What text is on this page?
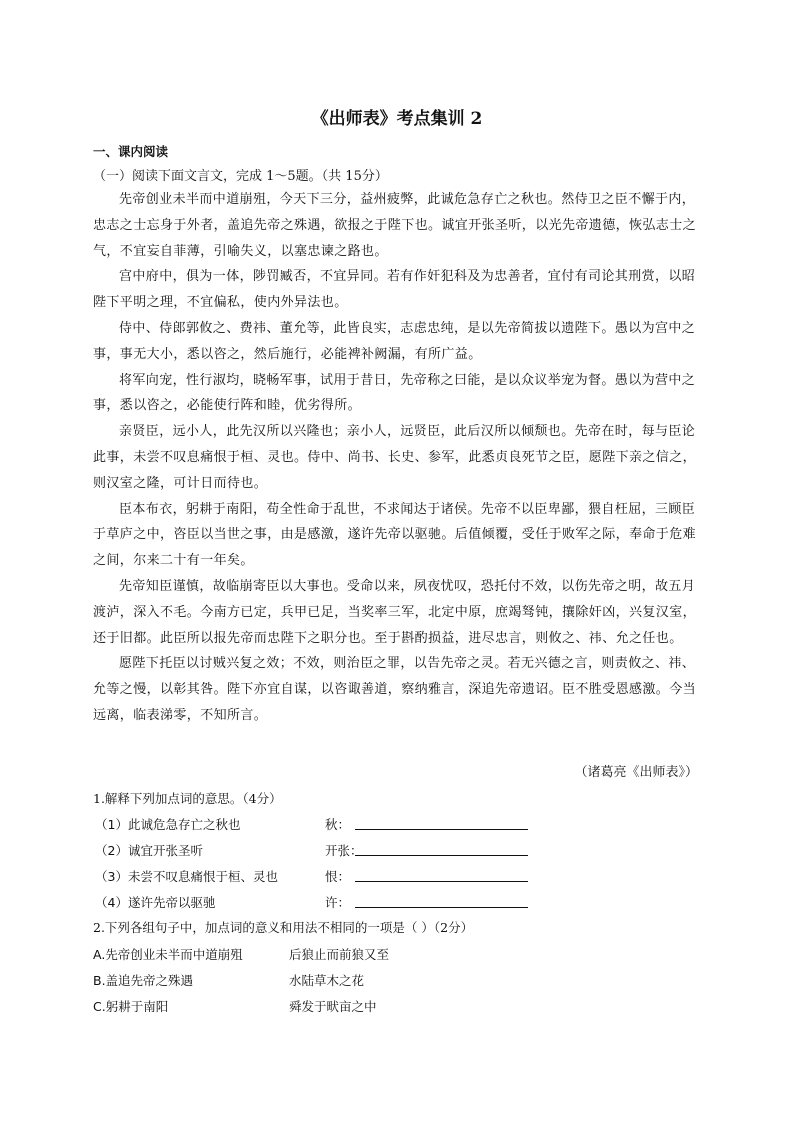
《出师表》考点集训 2
一、课内阅读
（一）阅读下面文言文，完成 1～5题。（共 15分）

先帝创业未半而中道崩殂，今天下三分，益州疲弊，此诚危急存亡之秋也。然侍卫之臣不懈于内，忠志之士忘身于外者，盖追先帝之殊遇，欲报之于陛下也。诚宜开张圣听，以光先帝遗德，恢弘志士之气，不宜妄自菲薄，引喻失义，以塞忠谏之路也。

宫中府中，俱为一体，陟罚臧否，不宜异同。若有作奸犯科及为忠善者，宜付有司论其刑赏，以昭陛下平明之理，不宜偏私，使内外异法也。

侍中、侍郎郭攸之、费祎、董允等，此皆良实，志虑忠纯，是以先帝简拔以遗陛下。愚以为宫中之事，事无大小，悉以咨之，然后施行，必能裨补阙漏，有所广益。

将军向宠，性行淑均，晓畅军事，试用于昔日，先帝称之曰能，是以众议举宠为督。愚以为营中之事，悉以咨之，必能使行阵和睦，优劣得所。

亲贤臣，远小人，此先汉所以兴隆也；亲小人，远贤臣，此后汉所以倾颓也。先帝在时，每与臣论此事，未尝不叹息痛恨于桓、灵也。侍中、尚书、长史、参军，此悉贞良死节之臣，愿陛下亲之信之，则汉室之隆，可计日而待也。

臣本布衣，躬耕于南阳，苟全性命于乱世，不求闻达于诸侯。先帝不以臣卑鄙，猥自枉屈，三顾臣于草庐之中，咨臣以当世之事，由是感激，遂许先帝以驱驰。后值倾覆，受任于败军之际，奉命于危难之间，尔来二十有一年矣。

先帝知臣谨慎，故临崩寄臣以大事也。受命以来，夙夜忧叹，恐托付不效，以伤先帝之明，故五月渡泸，深入不毛。今南方已定，兵甲已足，当奖率三军，北定中原，庶竭驽钝，攘除奸凶，兴复汉室，还于旧都。此臣所以报先帝而忠陛下之职分也。至于斟酌损益，进尽忠言，则攸之、祎、允之任也。

愿陛下托臣以讨贼兴复之效；不效，则治臣之罪，以告先帝之灵。若无兴德之言，则责攸之、祎、允等之慢，以彰其咎。陛下亦宜自谋，以咨诹善道，察纳雅言，深追先帝遗诏。臣不胜受恩感激。今当远离，临表涕零，不知所言。

（诸葛亮《出师表》）
1.解释下列加点词的意思。（4分）
（1）此诚危急存亡之秋也	秋：
（2）诚宜开张圣听	开张：
（3）未尝不叹息痛恨于桓、灵也	恨：
（4）遂许先帝以驱驰	许：
2.下列各组句子中，加点词的意义和用法不相同的一项是（ ）（2分）
A.先帝创业未半而中道崩殂	后狼止而前狼又至
B.盖追先帝之殊遇	水陆草木之花
C.躬耕于南阳	舜发于畎亩之中
